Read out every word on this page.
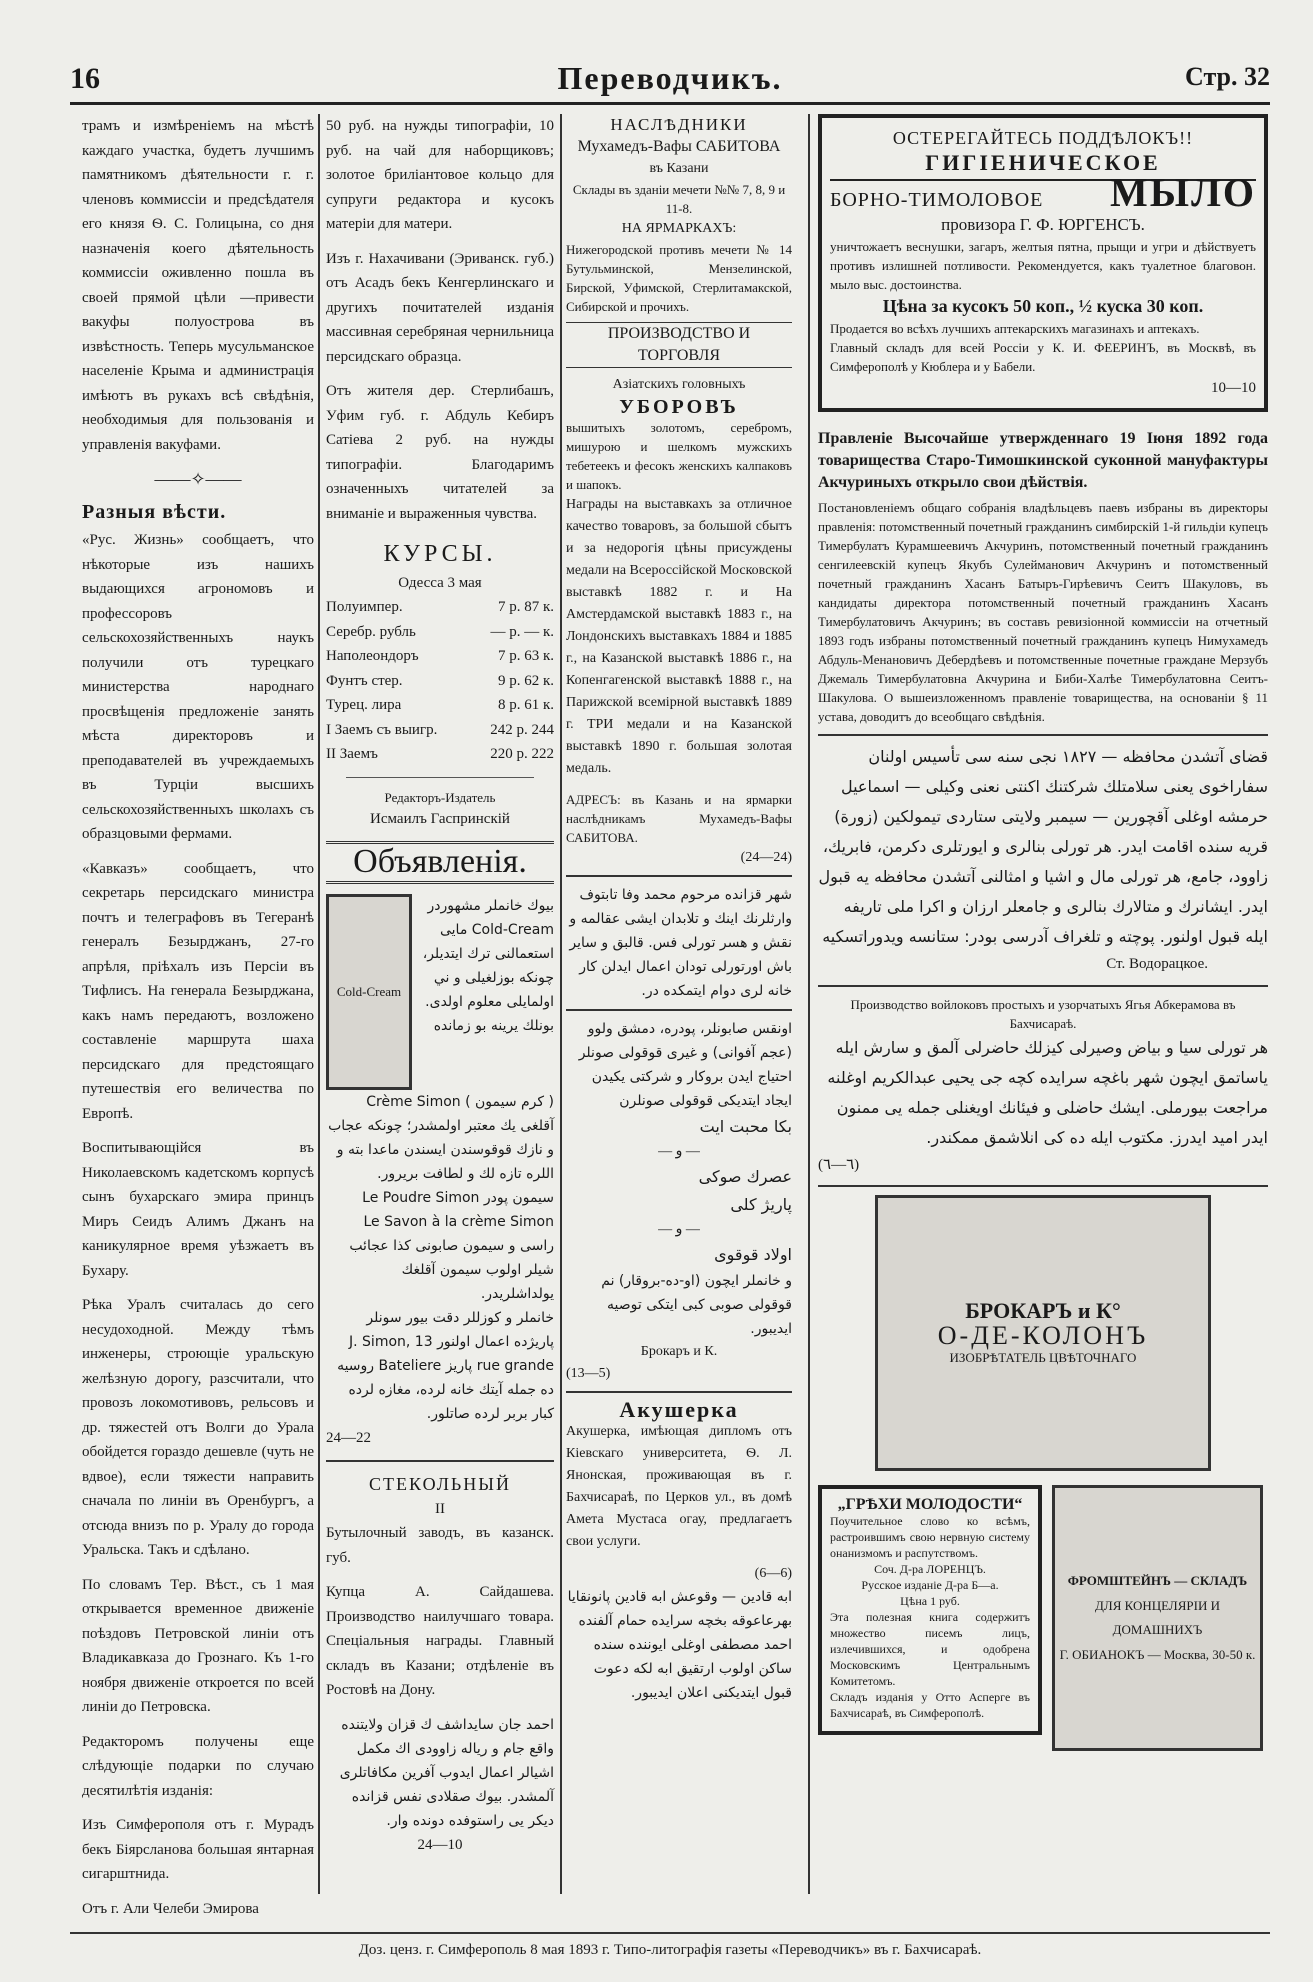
16	Переводчикъ.	Стр. 32

трамъ и измѣреніемъ на мѣстѣ каждаго участка, будетъ лучшимъ памятникомъ дѣятельности г. г. членовъ коммиссіи и предсѣдателя его князя Ѳ. С. Голицына, со дня назначенія коего дѣятельность коммиссіи оживленно пошла въ своей прямой цѣли —привести вакуфы полуострова въ извѣстность. Теперь мусульманское населеніе Крыма и администрація имѣютъ въ рукахъ всѣ свѣдѣнія, необходимыя для пользованія и управленія вакуфами.

——✧——
Разныя вѣсти.

«Рус. Жизнь» сообщаетъ, что нѣкоторые изъ нашихъ выдающихся агрономовъ и профессоровъ сельскохозяйственныхъ наукъ получили отъ турецкаго министерства народнаго просвѣщенія предложеніе занять мѣста директоровъ и преподавателей въ учреждаемыхъ въ Турціи высшихъ сельскохозяйственныхъ школахъ съ образцовыми фермами.

«Кавказъ» сообщаетъ, что секретарь персидскаго министра почтъ и телеграфовъ въ Тегеранѣ генералъ Безырджанъ, 27-го апрѣля, пріѣхалъ изъ Персіи въ Тифлисъ. На генерала Безырджана, какъ намъ передаютъ, возложено составленіе маршрута шаха персидскаго для предстоящаго путешествія его величества по Европѣ.

Воспитывающійся въ Николаевскомъ кадетскомъ корпусѣ сынъ бухарскаго эмира принцъ Миръ Сеидъ Алимъ Джанъ на каникулярное время уѣзжаетъ въ Бухару.

Рѣка Уралъ считалась до сего несудоходной. Между тѣмъ инженеры, строющіе уральскую желѣзную дорогу, разсчитали, что провозъ локомотивовъ, рельсовъ и др. тяжестей отъ Волги до Урала обойдется гораздо дешевле (чуть не вдвое), если тяжести направить сначала по линіи въ Оренбургъ, а отсюда внизъ по р. Уралу до города Уральска. Такъ и сдѣлано.

По словамъ Тер. Вѣст., съ 1 мая открывается временное движеніе поѣздовъ Петровской линіи отъ Владикавказа до Грознаго. Къ 1-го ноября движеніе откроется по всей линіи до Петровска.

Редакторомъ получены еще слѣдующіе подарки по случаю десятилѣтія изданія:

Изъ Симферополя отъ г. Мурадъ бекъ Біярсланова большая янтарная сигарштнида.

Отъ г. Али Челеби Эмирова

50 руб. на нужды типографіи, 10 руб. на чай для наборщиковъ; золотое бриліантовое кольцо для супруги редактора и кусокъ матеріи для матери.

Изъ г. Нахачивани (Эриванск. губ.) отъ Асадъ бекъ Кенгерлинскаго и другихъ почитателей изданія массивная серебряная чернильница персидскаго образца.

Отъ жителя дер. Стерлибашъ, Уфим губ. г. Абдуль Кебиръ Сатіева 2 руб. на нужды типографіи. Благодаримъ означенныхъ читателей за вниманіе и выраженныя чувства.

КУРСЫ.
Одесса 3 мая
Полуимпер.	7 р. 87 к.
Серебр. рубль	— р. — к.
Наполеондоръ	7 р. 63 к.
Фунтъ стер.	9 р. 62 к.
Турец. лира	8 р. 61 к.
I Заемъ съ выигр.	242 р. 244
II Заемъ	220 р. 222
Редакторъ-Издатель
Исмаилъ Гаспринскій
Объявленія.
Cold-Cream
بيوك خانملر مشهوردر Cold-Cream مايى استعمالنى ترك ايتديلر، چونكه بوزلغيلى و ني اولمايلى معلوم اولدى. بونلك يرينه بو زمانده
( كرم سيمون ) Crème Simon
آقلغى يك معتبر اولمشدر؛ چونكه عجاب و نازك قوقوسندن ايسندن ماعدا بته و اللره تازه لك و لطافت بريرور.
سيمون پودر Le Poudre Simon
Le Savon à la crème Simon راسى و سيمون صابونى كذا عجائب شيلر اولوب سيمون آقلغك يولداشلريدر.
خانملر و كوزللر دقت بيور سونلر پاريژده اعمال اولنور J. Simon, 13 rue grande پاريز Bateliere روسيه ده جمله آيتك خانه لرده، مغازه لرده كبار بربر لرده صاتلور.
24—22
СТЕКОЛЬНЫЙ
II

Бутылочный заводъ, въ казанск. губ.

Купца А. Сайдашева. Производство наилучшаго товара. Спеціальныя награды. Главный складъ въ Казани; отдѣленіе въ Ростовѣ на Дону.

احمد جان سايداشف ك قزان ولايتنده واقع جام و رياله زاوودى اك مكمل اشيالر اعمال ايدوب آفرين مكافاتلرى آلمشدر. بيوك صقلادى نفس قزانده ديكر يى راستوفده دونده وار.
24—10
НАСЛѢДНИКИ
Мухамедъ-Вафы САБИТОВА
въ Казани
Склады въ зданіи мечети №№ 7, 8, 9 и 11-8.
НА ЯРМАРКАХЪ:
Нижегородской противъ мечети № 14 Бутульминской, Мензелинской, Бирской, Уфимской, Стерлитамакской, Сибирской и прочихъ.
ПРОИЗВОДСТВО И ТОРГОВЛЯ
Азіатскихъ головныхъ
УБОРОВЪ
вышитыхъ золотомъ, серебромъ, мишурою и шелкомъ мужскихъ тебетеекъ и фесокъ женскихъ калпаковъ и шапокъ.

Награды на выставкахъ за отличное качество товаровъ, за большой сбытъ и за недорогія цѣны присуждены медали на Всероссійской Московской выставкѣ 1882 г. и На Амстердамской выставкѣ 1883 г., на Лондонскихъ выставкахъ 1884 и 1885 г., на Казанской выставкѣ 1886 г., на Копенгагенской выставкѣ 1888 г., на Парижской всемірной выставкѣ 1889 г. ТРИ медали и на Казанской выставкѣ 1890 г. большая золотая медаль.

АДРЕСЪ: въ Казань и на ярмарки наслѣдникамъ Мухамедъ-Вафы САБИТОВА.
(24—24)
شهر قزانده مرحوم محمد وفا تابتوف وارثلرنك اينك و تلابدان ايشى عقالمه و نقش و هسر تورلى فس. قالبق و ساير باش اورتورلى تودان اعمال ايدلن كار خانه لرى دوام ايتمكده در.
اونقس صابونلر، پودره، دمشق ولوو (عجم آفوانى) و غيرى قوقولى صونلر احتياج ايدن بروكار و شركتى يكيدن ايجاد ايتديكى قوقولى صونلرن
بكا محبت ايت
— و —
عصرك صوكى
پاريژ كلى
— و —
اولاد قوقوى
و خانملر ايچون (او-ده-بروقار) نم قوقولى صوبى كبى ايتكى توصيه ايديبور.
Брокаръ и К.
(13—5)
Акушерка

Акушерка, имѣющая дипломъ отъ Кіевскаго университета, Ѳ. Л. Янонская, проживающая въ г. Бахчисараѣ, по Церков ул., въ домѣ Амета Мустаса огау, предлагаетъ свои услуги.

(6—6)
ابه قادين — وقوعش ابه قادين پانونقايا بهرعاعوقه بخچه سرايده حمام آلفنده احمد مصطفى اوغلى ايوننده سنده ساكن اولوب ارتقيق ابه لكه دعوت قبول ايتديكنى اعلان ايديبور.
ОСТЕРЕГАЙТЕСЬ ПОДДѢЛОКЪ!!
ГИГІЕНИЧЕСКОЕ
БОРНО-ТИМОЛОВОЕ МЫЛО
провизора Г. Ф. ЮРГЕНСЪ.
уничтожаетъ веснушки, загаръ, желтыя пятна, прыщи и угри и дѣйствуетъ противъ излишней потливости. Рекомендуется, какъ туалетное благовон. мыло выс. достоинства.
Цѣна за кусокъ 50 коп., ½ куска 30 коп.
Продается во всѣхъ лучшихъ аптекарскихъ магазинахъ и аптекахъ.
Главный складъ для всей Россіи у К. И. ФЕЕРИНЪ, въ Москвѣ, въ Симферополѣ у Кюблера и у Бабели.
10—10
Правленіе Высочайше утвержденнаго 19 Іюня 1892 года товарищества Старо-Тимошкинской суконной мануфактуры Акчуриныхъ открыло свои дѣйствія.
Постановленіемъ общаго собранія владѣльцевъ паевъ избраны въ директоры правленія: потомственный почетный гражданинъ симбирскій 1-й гильдіи купецъ Тимербулатъ Курамшеевичъ Акчуринъ, потомственный почетный гражданинъ сенгилеевскій купецъ Якубъ Сулейманович Акчуринъ и потомственный почетный гражданинъ Хасанъ Батыръ-Гирѣевичъ Сеитъ Шакуловъ, въ кандидаты директора потомственный почетный гражданинъ Хасанъ Тимербулатовичъ Акчуринъ; въ составъ ревизіонной коммиссіи на отчетный 1893 годъ избраны потомственный почетный гражданинъ купецъ Нимухамедъ Абдуль-Менановичъ Дебердѣевъ и потомственные почетные граждане Мерзубъ Джемаль Тимербулатовна Акчурина и Биби-Халѣе Тимербулатовна Сеитъ-Шакулова. О вышеизложенномъ правленіе товарищества, на основаніи § 11 устава, доводитъ до всеобщаго свѣдѣнія.
قضاى آتشدن محافظه — ١٨٢٧ نجى سنه سى تأسيس اولنان سفاراخوى يعنى سلامتلك شركتنك اكنتى نعنى وكيلى — اسماعيل حرمشه اوغلى آقچورين — سيمبر ولايتى ستاردى تيمولكين (زورة) قريه سنده اقامت ايدر. هر تورلى بنالرى و ايورتلرى دكرمن، فابريك، زاوود، جامع، هر تورلى مال و اشيا و امثالنى آتشدن محافظه يه قبول ايدر. ايشانرك و متالارك بنالرى و جامعلر ارزان و اكرا ملى تاريفه ايله قبول اولنور. پوچته و تلغراف آدرسى بودر: ستانسه ويدوراتسكيه
Ст. Водорацкое.
Производство войлоковъ простыхъ и узорчатыхъ Ягья Абкерамова въ Бахчисараѣ.
هر تورلى سيا و بياض وصيرلى كيزلك حاضرلى آلمق و سارش ايله ياساتمق ايچون شهر باغچه سرايده كچه جى يحيى عبدالكريم اوغلنه مراجعت بيورملى. ايشك حاضلى و فيئانك اويغنلى جمله يى ممنون ايدر اميد ايدرز. مكتوب ايله ده كى انلاشمق ممكندر.
(٦—٦)
БРОКАРЪ и К°
О-ДЕ-КОЛОНЪ
ИЗОБРѢТАТЕЛЬ ЦВѢТОЧНАГО
„ГРѢХИ МОЛОДОСТИ“
Поучительное слово ко всѣмъ, растроившимъ свою нервную систему онанизмомъ и распутствомъ.
Соч. Д-ра ЛОРЕНЦЪ.
Русское изданіе Д-ра Б—а.
Цѣна 1 руб.
Эта полезная книга содержитъ множество писемъ лицъ, излечившихся, и одобрена Московскимъ Центральнымъ Комитетомъ.
Складъ изданія у Отто Асперге въ Бахчисараѣ, въ Симферополѣ.
ФРОМШТЕЙНЪ — СКЛАДЪ
ДЛЯ КОНЦЕЛЯРІИ И ДОМАШНИХЪ
Г. ОБИАНОКЪ — Москва, 30-50 к.
Доз. ценз. г. Симферополь 8 мая 1893 г. Типо-литографія газеты «Переводчикъ» въ г. Бахчисараѣ.
